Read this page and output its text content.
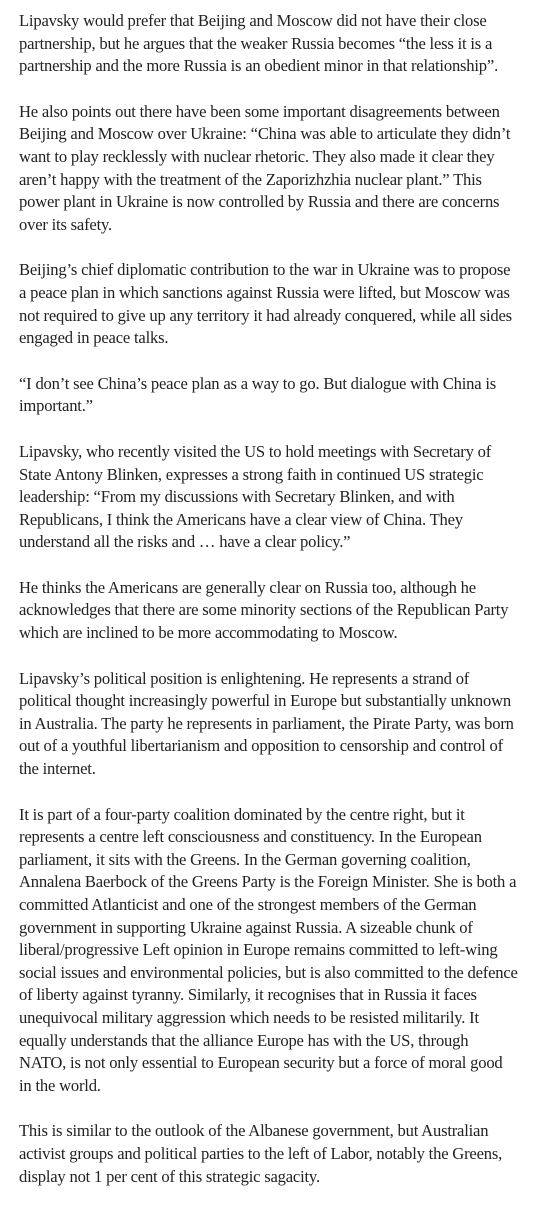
Lipavsky would prefer that Beijing and Moscow did not have their close partnership, but he argues that the weaker Russia becomes “the less it is a partnership and the more Russia is an obedient minor in that relationship”.

He also points out there have been some important disagreements between Beijing and Moscow over Ukraine: “China was able to articulate they didn’t want to play recklessly with nuclear rhetoric. They also made it clear they aren’t happy with the treatment of the Zaporizhzhia nuclear plant.” This power plant in Ukraine is now controlled by Russia and there are concerns over its safety.

Beijing’s chief diplomatic contribution to the war in Ukraine was to propose a peace plan in which sanctions against Russia were lifted, but Moscow was not required to give up any territory it had already conquered, while all sides engaged in peace talks.

“I don’t see China’s peace plan as a way to go. But dialogue with China is important.”

Lipavsky, who recently visited the US to hold meetings with Secretary of State Antony Blinken, expresses a strong faith in continued US strategic leadership: “From my discussions with Secretary Blinken, and with Republicans, I think the Americans have a clear view of China. They understand all the risks and … have a clear policy.”

He thinks the Americans are generally clear on Russia too, although he acknowledges that there are some minority sections of the Republican Party which are inclined to be more accommodating to Moscow.

Lipavsky’s political position is enlightening. He represents a strand of political thought increasingly powerful in Europe but substantially unknown in Australia. The party he represents in parliament, the Pirate Party, was born out of a youthful libertarianism and opposition to censorship and control of the internet.

It is part of a four-party coalition dominated by the centre right, but it represents a centre left consciousness and constituency. In the European parliament, it sits with the Greens. In the German governing coalition, Annalena Baerbock of the Greens Party is the Foreign Minister. She is both a committed Atlanticist and one of the strongest members of the German government in supporting Ukraine against Russia. A sizeable chunk of liberal/progressive Left opinion in Europe remains committed to left-wing social issues and environmental policies, but is also committed to the defence of liberty against tyranny. Similarly, it recognises that in Russia it faces unequivocal military aggression which needs to be resisted militarily. It equally understands that the alliance Europe has with the US, through NATO, is not only essential to European security but a force of moral good in the world.

This is similar to the outlook of the Albanese government, but Australian activist groups and political parties to the left of Labor, notably the Greens, display not 1 per cent of this strategic sagacity.
